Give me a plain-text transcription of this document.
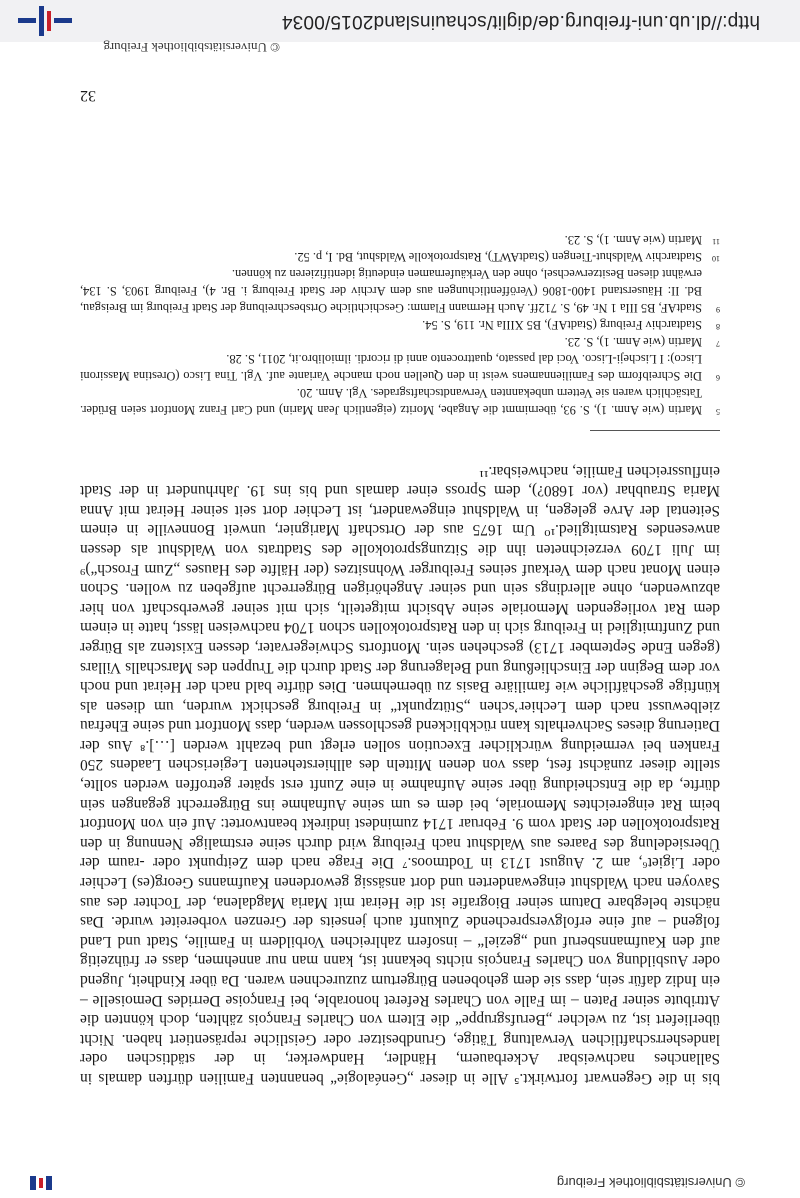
© Universitätsbibliothek Freiburg

bis in die Gegenwart fortwirkt.⁵ Alle in dieser „Genéalogie“ benannten Familien dürften damals in Sallanches nachweisbar Ackerbauern, Händler, Handwerker, in der städtischen oder landesherrschaftlichen Verwaltung Tätige, Grundbesitzer oder Geistliche repräsentiert haben. Nicht überliefert ist, zu welcher „Berufsgruppe“ die Eltern von Charles François zählten, doch könnten die Attribute seiner Paten – im Falle von Charles Referet honorable, bei Françoise Derrides Demoiselle – ein Indiz dafür sein, dass sie dem gehobenen Bürgertum zuzurechnen waren. Da über Kindheit, Jugend oder Ausbildung von Charles François nichts bekannt ist, kann man nur annehmen, dass er frühzeitig auf den Kaufmannsberuf und „geziel“ – insofern zahlreichen Vorbildern in Familie, Stadt und Land folgend – auf eine erfolgversprechende Zukunft auch jenseits der Grenzen vorbereitet wurde. Das nächste belegbare Datum seiner Biografie ist die Heirat mit Maria Magdalena, der Tochter des aus Savoyen nach Waldshut eingewanderten und dort ansässig gewordenen Kaufmanns Georg(es) Lechier oder Ligiet⁶, am 2. August 1713 in Todtmoos.⁷ Die Frage nach dem Zeitpunkt oder -raum der Übersiedelung des Paares aus Waldshut nach Freiburg wird durch seine erstmalige Nennung in den Ratsprotokollen der Stadt vom 9. Februar 1714 zumindest indirekt beantwortet: Auf ein von Montfort beim Rat eingereichtes Memoriale, bei dem es um seine Aufnahme ins Bürgerrecht gegangen sein dürfte, da die Entscheidung über seine Aufnahme in eine Zunft erst später getroffen werden sollte, stellte dieser zunächst fest, dass von denen Mitteln des allhierstehenten Legierischen Laadens 250 Franken bei vermeidung würcklicher Execution sollen erlegt und bezahlt werden […].⁸ Aus der Datierung dieses Sachverhalts kann rückblickend geschlossen werden, dass Montfort und seine Ehefrau zielbewusst nach dem Lechier’schen „Stützpunkt“ in Freiburg geschickt wurden, um diesen als künftige geschäftliche wie familiäre Basis zu übernehmen. Dies dürfte bald nach der Heirat und noch vor dem Beginn der Einschließung und Belagerung der Stadt durch die Truppen des Marschalls Villars (gegen Ende September 1713) geschehen sein. Montforts Schwiegervater, dessen Existenz als Bürger und Zunftmitglied in Freiburg sich in den Ratsprotokollen schon 1704 nachweisen lässt, hatte in einem dem Rat vorliegenden Memoriale seine Absicht mitgeteilt, sich mit seiner gewerbschaft von hier abzuwenden, ohne allerdings sein und seiner Angehörigen Bürgerrecht aufgeben zu wollen. Schon einen Monat nach dem Verkauf seines Freiburger Wohnsitzes (der Hälfte des Hauses „Zum Frosch“)⁹ im Juli 1709 verzeichneten ihn die Sitzungsprotokolle des Stadtrats von Waldshut als dessen anwesendes Ratsmitglied.¹⁰ Um 1675 aus der Ortschaft Marignier, unweit Bonneville in einem Seitental der Arve gelegen, in Waldshut eingewandert, ist Lechier dort seit seiner Heirat mit Anna Maria Straubhar (vor 1680?), dem Spross einer damals und bis ins 19. Jahrhundert in der Stadt einflussreichen Familie, nachweisbar.¹¹

5
Martin (wie Anm. 1), S. 93, übernimmt die Angabe, Moritz (eigentlich Jean Marin) und Carl Franz Montfort seien Brüder. Tatsächlich waren sie Vettern unbekannten Verwandtschaftsgrades. Vgl. Anm. 20.

6
Die Schreibform des Familiennamens weist in den Quellen noch manche Variante auf. Vgl. Tina Lisco (Orestina Massironi Lisco): I Lischeji-Lisco. Voci dal passato, quattrocento anni di ricordi. ilmiolibro.it, 2011, S. 28.

7
Martin (wie Anm. 1), S. 23.

8
Stadtarchiv Freiburg (StadtAF), B5 XIIIa Nr. 119, S. 54.

9
StadtAF, B5 IIIa 1 Nr. 49, S. 712ff. Auch Hermann Flamm: Geschichtliche Ortsbeschreibung der Stadt Freiburg im Breisgau, Bd. II: Häuserstand 1400-1806 (Veröffentlichungen aus dem Archiv der Stadt Freiburg i. Br. 4), Freiburg 1903, S. 134, erwähnt diesen Besitzerwechsel, ohne den Verkäufernamen eindeutig identifizieren zu können.

10
Stadtarchiv Waldshut-Tiengen (StadtAWT), Ratsprotokolle Waldshut, Bd. I, p. 52.

11
Martin (wie Anm. 1), S. 23.

32
http://dl.ub.uni-freiburg.de/diglit/schauinsland2015/0034
© Universitätsbibliothek Freiburg
